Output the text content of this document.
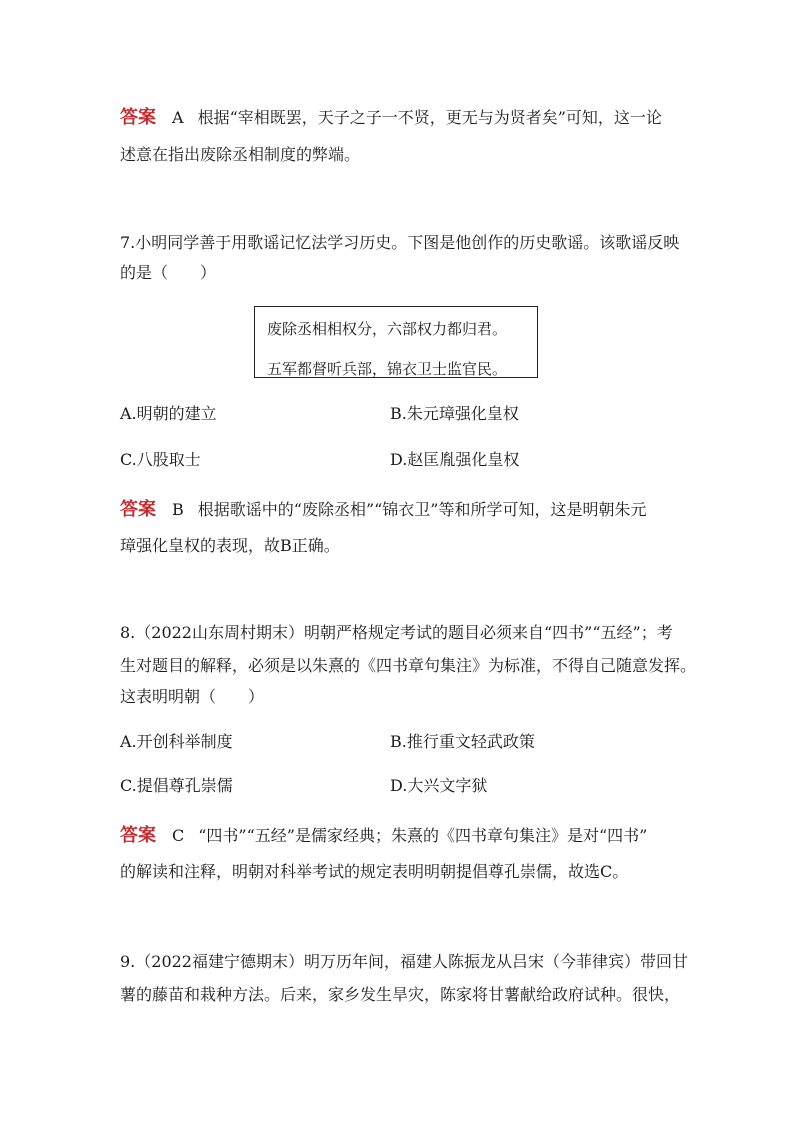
答案 A 根据“宰相既罢，天子之子一不贤，更无与为贤者矣”可知，这一论
述意在指出废除丞相制度的弊端。
7.小明同学善于用歌谣记忆法学习历史。下图是他创作的历史歌谣。该歌谣反映
的是（　　）
废除丞相相权分，六部权力都归君。
五军都督听兵部，锦衣卫士监官民。
A.明朝的建立	B.朱元璋强化皇权
C.八股取士	D.赵匡胤强化皇权
答案 B 根据歌谣中的“废除丞相”“锦衣卫”等和所学可知，这是明朝朱元
璋强化皇权的表现，故B正确。
8.（2022山东周村期末）明朝严格规定考试的题目必须来自“四书”“五经”；考
生对题目的解释，必须是以朱熹的《四书章句集注》为标准，不得自己随意发挥。
这表明明朝（　　）
A.开创科举制度	B.推行重文轻武政策
C.提倡尊孔崇儒	D.大兴文字狱
答案 C “四书”“五经”是儒家经典；朱熹的《四书章句集注》是对“四书”
的解读和注释，明朝对科举考试的规定表明明朝提倡尊孔崇儒，故选C。
9.（2022福建宁德期末）明万历年间，福建人陈振龙从吕宋（今菲律宾）带回甘
薯的藤苗和栽种方法。后来，家乡发生旱灾，陈家将甘薯献给政府试种。很快，
